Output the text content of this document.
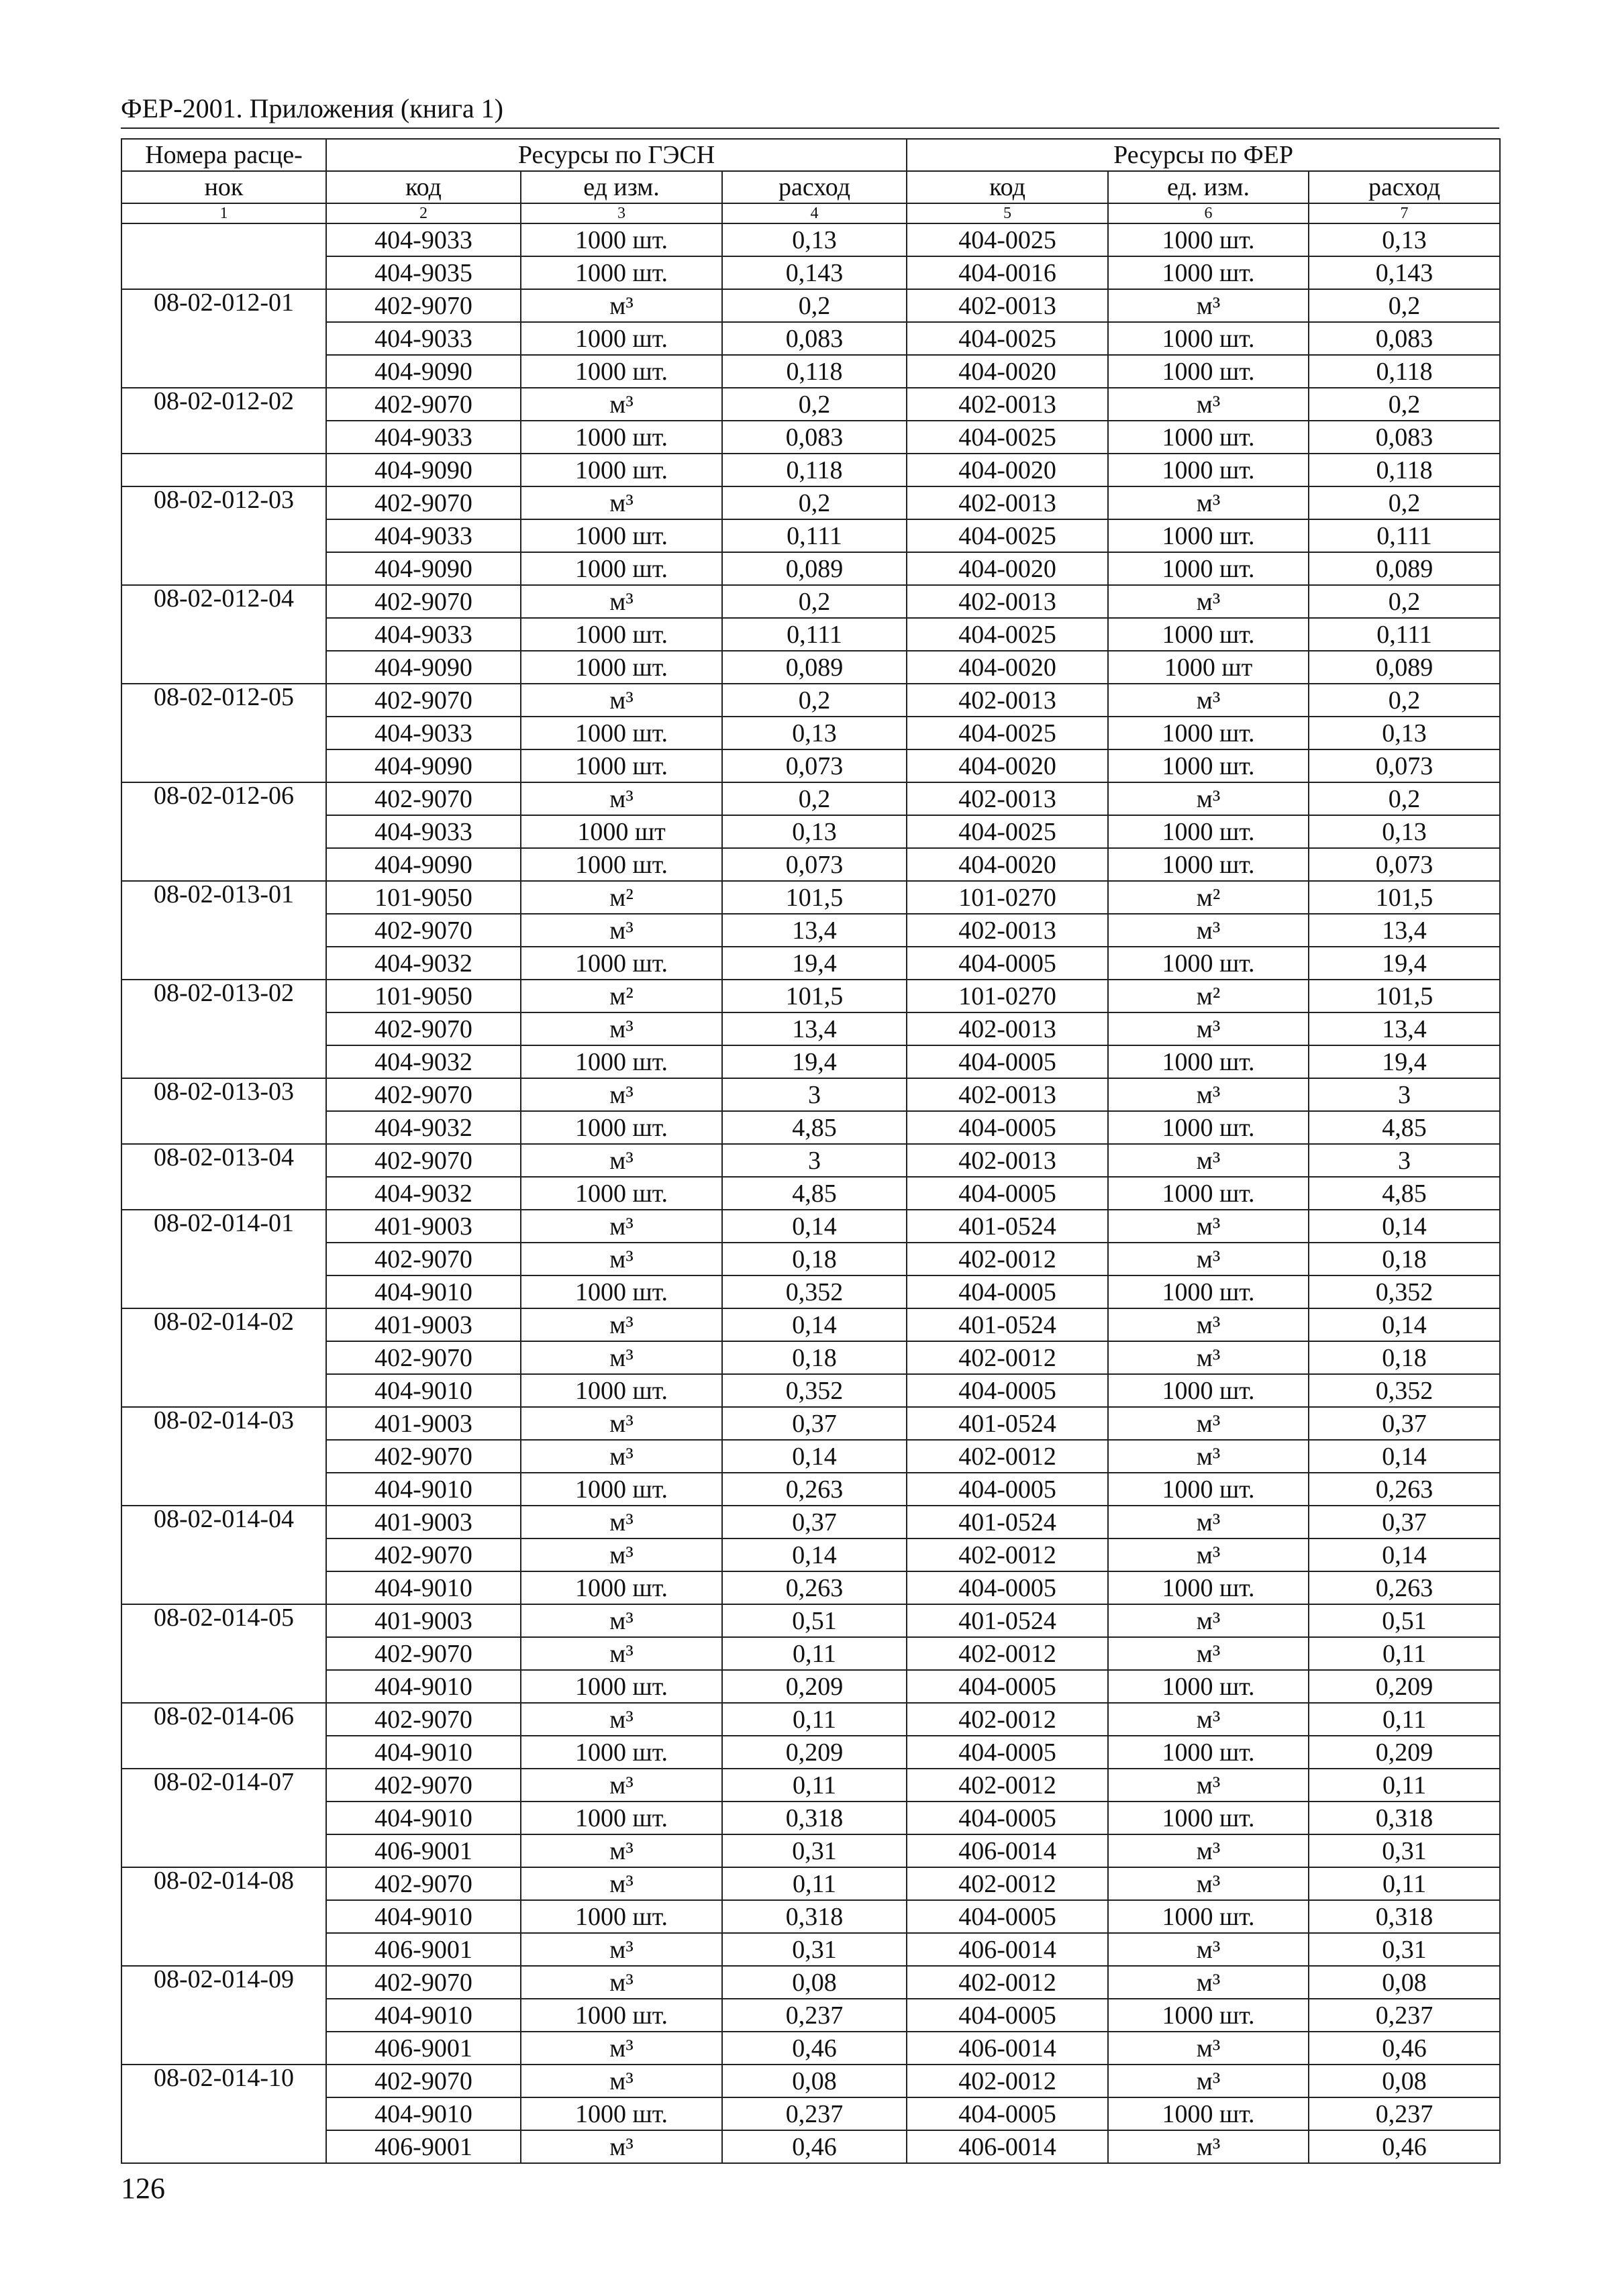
ФЕР-2001. Приложения (книга 1)
Номера расце-	Ресурсы по ГЭСН			Ресурсы по ФЕР		
нок	код	ед изм.	расход	код	ед. изм.	расход
1	2	3	4	5	6	7
	404-9033	1000 шт.	0,13	404-0025	1000 шт.	0,13
	404-9035	1000 шт.	0,143	404-0016	1000 шт.	0,143
08-02-012-01	402-9070	м³	0,2	402-0013	м³	0,2
	404-9033	1000 шт.	0,083	404-0025	1000 шт.	0,083
	404-9090	1000 шт.	0,118	404-0020	1000 шт.	0,118
08-02-012-02	402-9070	м³	0,2	402-0013	м³	0,2
	404-9033	1000 шт.	0,083	404-0025	1000 шт.	0,083
	404-9090	1000 шт.	0,118	404-0020	1000 шт.	0,118
08-02-012-03	402-9070	м³	0,2	402-0013	м³	0,2
	404-9033	1000 шт.	0,111	404-0025	1000 шт.	0,111
	404-9090	1000 шт.	0,089	404-0020	1000 шт.	0,089
08-02-012-04	402-9070	м³	0,2	402-0013	м³	0,2
	404-9033	1000 шт.	0,111	404-0025	1000 шт.	0,111
	404-9090	1000 шт.	0,089	404-0020	1000 шт	0,089
08-02-012-05	402-9070	м³	0,2	402-0013	м³	0,2
	404-9033	1000 шт.	0,13	404-0025	1000 шт.	0,13
	404-9090	1000 шт.	0,073	404-0020	1000 шт.	0,073
08-02-012-06	402-9070	м³	0,2	402-0013	м³	0,2
	404-9033	1000 шт	0,13	404-0025	1000 шт.	0,13
	404-9090	1000 шт.	0,073	404-0020	1000 шт.	0,073
08-02-013-01	101-9050	м²	101,5	101-0270	м²	101,5
	402-9070	м³	13,4	402-0013	м³	13,4
	404-9032	1000 шт.	19,4	404-0005	1000 шт.	19,4
08-02-013-02	101-9050	м²	101,5	101-0270	м²	101,5
	402-9070	м³	13,4	402-0013	м³	13,4
	404-9032	1000 шт.	19,4	404-0005	1000 шт.	19,4
08-02-013-03	402-9070	м³	3	402-0013	м³	3
	404-9032	1000 шт.	4,85	404-0005	1000 шт.	4,85
08-02-013-04	402-9070	м³	3	402-0013	м³	3
	404-9032	1000 шт.	4,85	404-0005	1000 шт.	4,85
08-02-014-01	401-9003	м³	0,14	401-0524	м³	0,14
	402-9070	м³	0,18	402-0012	м³	0,18
	404-9010	1000 шт.	0,352	404-0005	1000 шт.	0,352
08-02-014-02	401-9003	м³	0,14	401-0524	м³	0,14
	402-9070	м³	0,18	402-0012	м³	0,18
	404-9010	1000 шт.	0,352	404-0005	1000 шт.	0,352
08-02-014-03	401-9003	м³	0,37	401-0524	м³	0,37
	402-9070	м³	0,14	402-0012	м³	0,14
	404-9010	1000 шт.	0,263	404-0005	1000 шт.	0,263
08-02-014-04	401-9003	м³	0,37	401-0524	м³	0,37
	402-9070	м³	0,14	402-0012	м³	0,14
	404-9010	1000 шт.	0,263	404-0005	1000 шт.	0,263
08-02-014-05	401-9003	м³	0,51	401-0524	м³	0,51
	402-9070	м³	0,11	402-0012	м³	0,11
	404-9010	1000 шт.	0,209	404-0005	1000 шт.	0,209
08-02-014-06	402-9070	м³	0,11	402-0012	м³	0,11
	404-9010	1000 шт.	0,209	404-0005	1000 шт.	0,209
08-02-014-07	402-9070	м³	0,11	402-0012	м³	0,11
	404-9010	1000 шт.	0,318	404-0005	1000 шт.	0,318
	406-9001	м³	0,31	406-0014	м³	0,31
08-02-014-08	402-9070	м³	0,11	402-0012	м³	0,11
	404-9010	1000 шт.	0,318	404-0005	1000 шт.	0,318
	406-9001	м³	0,31	406-0014	м³	0,31
08-02-014-09	402-9070	м³	0,08	402-0012	м³	0,08
	404-9010	1000 шт.	0,237	404-0005	1000 шт.	0,237
	406-9001	м³	0,46	406-0014	м³	0,46
08-02-014-10	402-9070	м³	0,08	402-0012	м³	0,08
	404-9010	1000 шт.	0,237	404-0005	1000 шт.	0,237
	406-9001	м³	0,46	406-0014	м³	0,46
126
